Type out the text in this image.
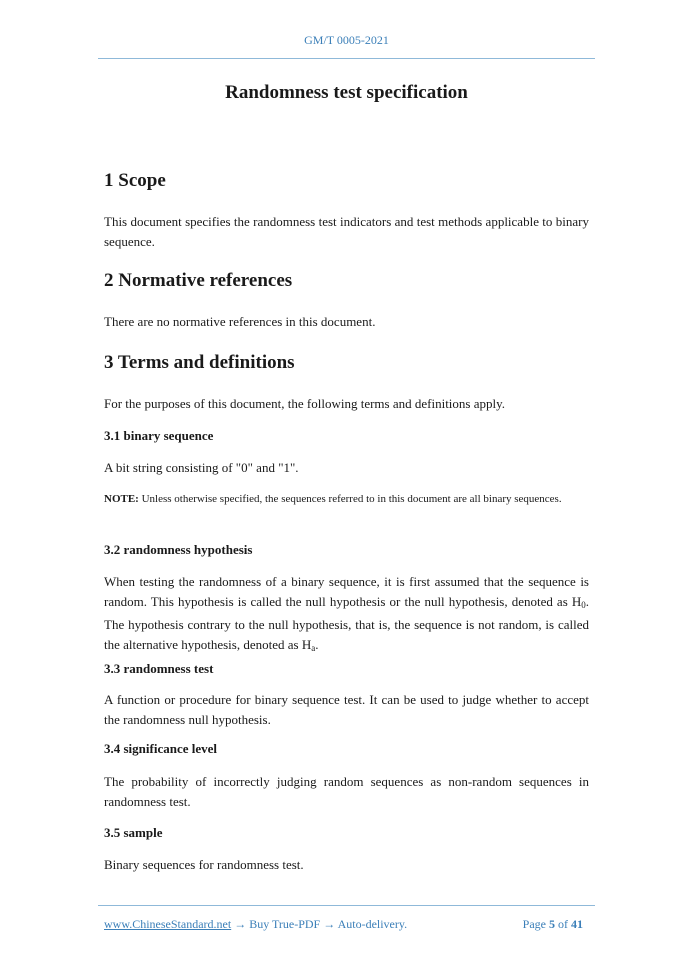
GM/T 0005-2021
Randomness test specification
1 Scope
This document specifies the randomness test indicators and test methods applicable to binary sequence.
2 Normative references
There are no normative references in this document.
3 Terms and definitions
For the purposes of this document, the following terms and definitions apply.
3.1 binary sequence
A bit string consisting of "0" and "1".
NOTE: Unless otherwise specified, the sequences referred to in this document are all binary sequences.
3.2 randomness hypothesis
When testing the randomness of a binary sequence, it is first assumed that the sequence is random. This hypothesis is called the null hypothesis or the null hypothesis, denoted as $H_0$. The hypothesis contrary to the null hypothesis, that is, the sequence is not random, is called the alternative hypothesis, denoted as $H_a$.
3.3 randomness test
A function or procedure for binary sequence test. It can be used to judge whether to accept the randomness null hypothesis.
3.4 significance level
The probability of incorrectly judging random sequences as non-random sequences in randomness test.
3.5 sample
Binary sequences for randomness test.
www.ChineseStandard.net → Buy True-PDF → Auto-delivery.	Page 5 of 41
